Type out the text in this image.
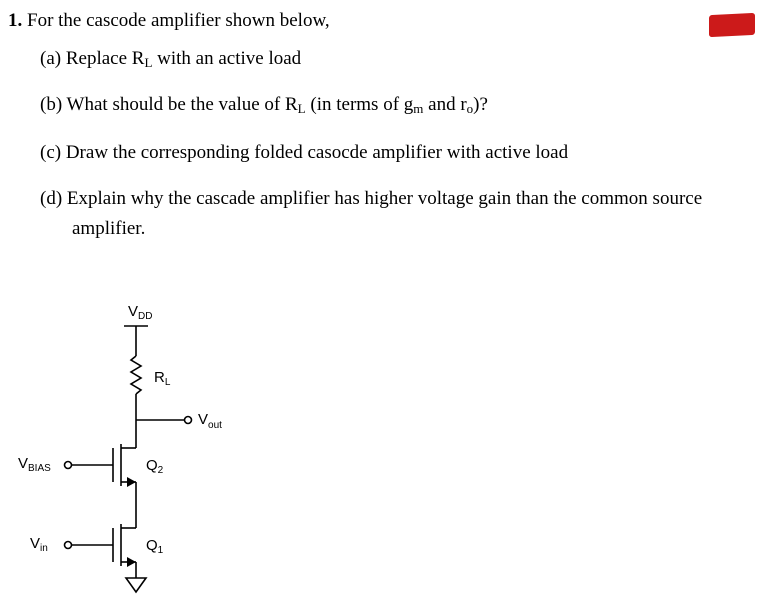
1. For the cascode amplifier shown below,
(a) Replace $R_L$ with an active load
(b) What should be the value of $R_L$ (in terms of $g_m$ and $r_o$)?
(c) Draw the corresponding folded casocde amplifier with active load
(d) Explain why the cascade amplifier has higher voltage gain than the common source
amplifier.
$V_{DD}$
$R_L$
$V_{out}$
$V_{BIAS}$
$V_{in}$
$Q_2$
$Q_1$
